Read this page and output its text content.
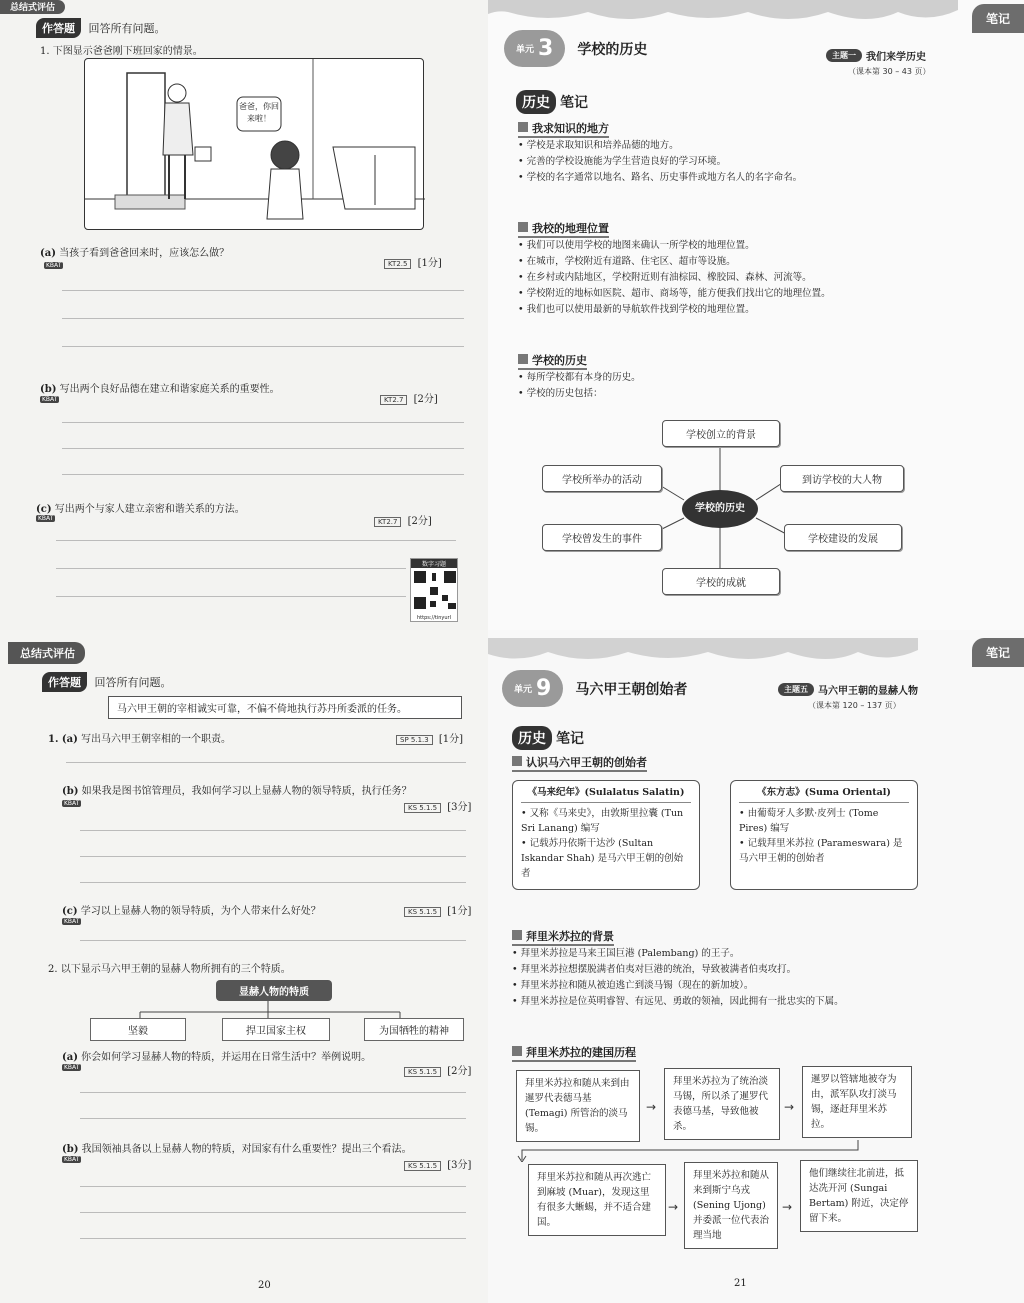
总结式评估
作答题 回答所有问题。
1. 下图显示爸爸刚下班回家的情景。
爸爸，你回来啦！
(a) 当孩子看到爸爸回来时，应该怎么做？
KBAT	KT2.5 [1分]
(b) 写出两个良好品德在建立和谐家庭关系的重要性。
KBAT	KT2.7 [2分]
(c) 写出两个与家人建立亲密和谐关系的方法。
KBAT	KT2.7 [2分]
数字习题
https://tinyurl
笔记
单元 3 学校的历史	主题一	我们来学历史
（课本第 30 – 43 页）
历史 笔记
我求知识的地方
• 学校是求取知识和培养品德的地方。
• 完善的学校设施能为学生营造良好的学习环境。
• 学校的名字通常以地名、路名、历史事件或地方名人的名字命名。
我校的地理位置
• 我们可以使用学校的地图来确认一所学校的地理位置。
• 在城市，学校附近有道路、住宅区、超市等设施。
• 在乡村或内陆地区，学校附近则有油棕园、橡胶园、森林、河流等。
• 学校附近的地标如医院、超市、商场等，能方便我们找出它的地理位置。
• 我们也可以使用最新的导航软件找到学校的地理位置。
学校的历史
• 每所学校都有本身的历史。
• 学校的历史包括：
学校创立的背景
学校所举办的活动	到访学校的大人物
学校的历史
学校曾发生的事件	学校建设的发展
学校的成就
总结式评估
作答题 回答所有问题。
马六甲王朝的宰相诚实可靠，不偏不倚地执行苏丹所委派的任务。
1. (a) 写出马六甲王朝宰相的一个职责。	SP 5.1.3 [1分]
(b) 如果我是图书馆管理员，我如何学习以上显赫人物的领导特质，执行任务？
KBAT
KS 5.1.5 [3分]
(c) 学习以上显赫人物的领导特质，为个人带来什么好处？
KBAT
KS 5.1.5 [1分]
2. 以下显示马六甲王朝的显赫人物所拥有的三个特质。
显赫人物的特质
坚毅	捍卫国家主权	为国牺牲的精神
(a) 你会如何学习显赫人物的特质，并运用在日常生活中？举例说明。
KBAT
KS 5.1.5 [2分]
(b) 我国领袖具备以上显赫人物的特质，对国家有什么重要性？提出三个看法。
KBAT
KS 5.1.5 [3分]
20
笔记
单元 9 马六甲王朝创始者	主题五	马六甲王朝的显赫人物
（课本第 120 – 137 页）
历史 笔记
认识马六甲王朝的创始者
《马来纪年》(Sulalatus Salatin)
• 又称《马来史》，由敦斯里拉囊 (Tun Sri Lanang) 编写
• 记载苏丹依斯干达沙 (Sultan Iskandar Shah) 是马六甲王朝的创始者
《东方志》(Suma Oriental)
• 由葡萄牙人多默·皮列士 (Tome Pires) 编写
• 记载拜里米苏拉 (Parameswara) 是马六甲王朝的创始者
拜里米苏拉的背景
• 拜里米苏拉是马来王国巨港 (Palembang) 的王子。
• 拜里米苏拉想摆脱满者伯夷对巨港的统治，导致被满者伯夷攻打。
• 拜里米苏拉和随从被迫逃亡到淡马锡（现在的新加坡）。
• 拜里米苏拉是位英明睿智、有远见、勇敢的领袖，因此拥有一批忠实的下属。
拜里米苏拉的建国历程
拜里米苏拉和随从来到由暹罗代表德马基 (Temagi) 所管治的淡马锡。
→
拜里米苏拉为了统治淡马锡，所以杀了暹罗代表德马基，导致他被杀。
→
暹罗以管辖地被夺为由，派军队攻打淡马锡，逐赶拜里米苏拉。
拜里米苏拉和随从再次逃亡到麻坡 (Muar)，发现这里有很多大蜥蜴，并不适合建国。
→
拜里米苏拉和随从来到斯宁乌戎 (Sening Ujong) 并委派一位代表治理当地
→
他们继续往北前进，抵达冼开河 (Sungai Bertam) 附近，决定停留下来。
21
